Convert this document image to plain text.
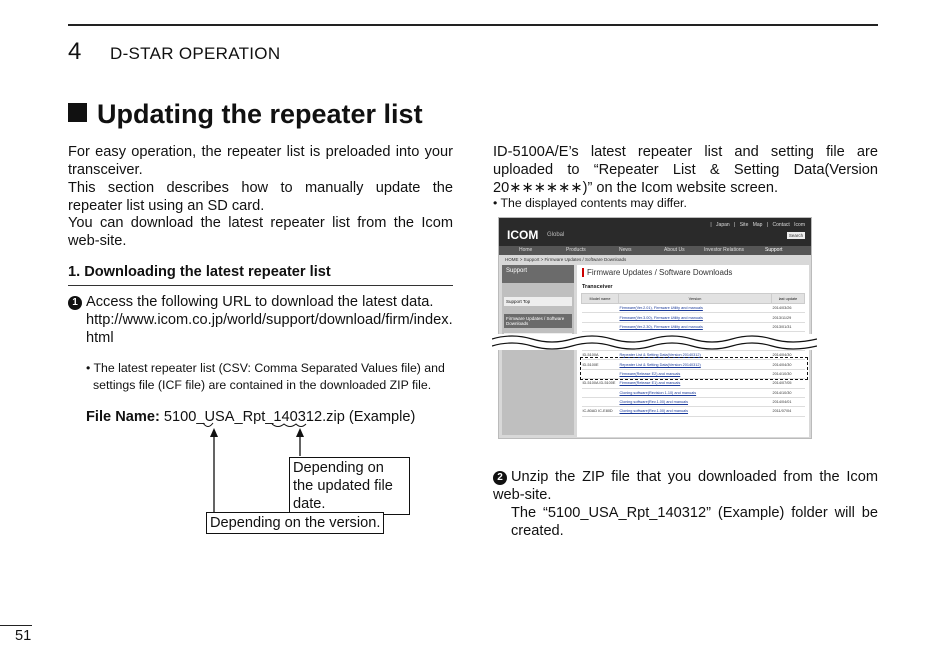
4 D-STAR OPERATION
Updating the repeater list
For easy operation, the repeater list is preloaded into your transceiver.
This section describes how to manually update the repeater list using an SD card.
You can download the latest repeater list from the Icom web-site.
1. Downloading the latest repeater list
1 Access the following URL to download the latest data.
http://www.icom.co.jp/world/support/download/firm/index.html
• The latest repeater list (CSV: Comma Separated Values file) and settings file (ICF file) are contained in the downloaded ZIP file.
File Name: 5100_USA_Rpt_140312.zip (Example)
Depending on the updated file date.
Depending on the version.
ID-5100A/E’s latest repeater list and setting file are uploaded to “Repeater List & Setting Data(Version 20∗∗∗∗∗∗)” on the Icom website screen.
• The displayed contents may differ.
ICOM Global
| Japan | Site Map | Contact Icom
Search
Home	Products	News	About Us	Investor Relations	Support
HOME > Support > Firmware Updates / Software Downloads
Support
Support Top
Firmware Updates / Software Downloads
Firmware Updates / Software Downloads
Transceiver
Model name	Version	last update
	Firmware(Ver.2.01), Firmware Utility and manuals	2014/03/26
	Firmware(Ver.3.00), Firmware Utility and manuals	2013/11/29
	Firmware(Ver.2.30), Firmware Utility and manuals	2013/01/31

ID-5100A	Repeater List & Setting Data(Version 20140312)	2014/04/30
ID-5100E	Repeater List & Setting Data(Version 20140312)	2014/04/30
	Firmware(Release E2) and manuals	2014/10/30
ID-5100A ID-5100E	Firmware(Release E1) and manuals	2014/07/05
	Cloning software(Revision 1.10) and manuals	2014/10/30
	Cloning software(Rev.1.00) and manuals	2014/04/01
IC-80AD IC-E80D	Cloning software(Rev.1.00) and manuals	2011/07/04
2 Unzip the ZIP file that you downloaded from the Icom web-site.
The “5100_USA_Rpt_140312” (Example) folder will be created.
51
